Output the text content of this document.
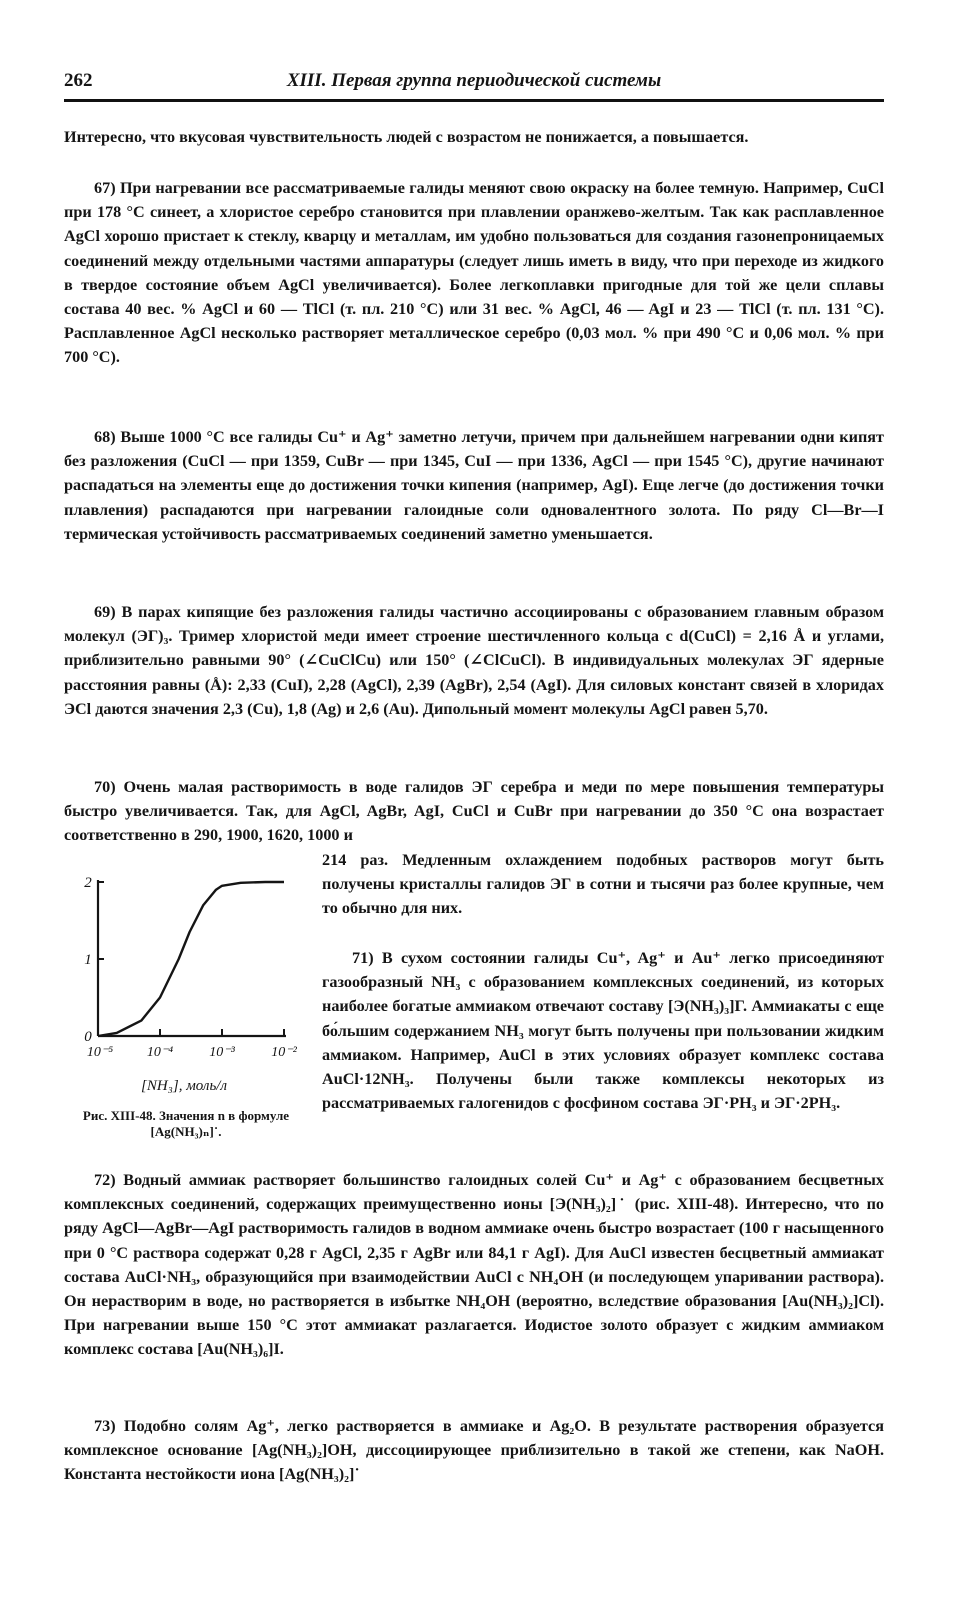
262	XIII. Первая группа периодической системы

Интересно, что вкусовая чувствительность людей с возрастом не понижается, а повышается.

67) При нагревании все рассматриваемые галиды меняют свою окраску на более темную. Например, CuCl при 178 °С синеет, а хлористое серебро становится при плавлении оранжево-желтым. Так как расплавленное AgCl хорошо пристает к стеклу, кварцу и металлам, им удобно пользоваться для создания газонепроницаемых соединений между отдельными частями аппаратуры (следует лишь иметь в виду, что при переходе из жидкого в твердое состояние объем AgCl увеличивается). Более легкоплавки пригодные для той же цели сплавы состава 40 вес. % AgCl и 60 — TlCl (т. пл. 210 °С) или 31 вес. % AgCl, 46 — AgI и 23 — TlCl (т. пл. 131 °С). Расплавленное AgCl несколько растворяет металлическое серебро (0,03 мол. % при 490 °С и 0,06 мол. % при 700 °С).

68) Выше 1000 °С все галиды Cu⁺ и Ag⁺ заметно летучи, причем при дальнейшем нагревании одни кипят без разложения (CuCl — при 1359, CuBr — при 1345, CuI — при 1336, AgCl — при 1545 °С), другие начинают распадаться на элементы еще до достижения точки кипения (например, AgI). Еще легче (до достижения точки плавления) распадаются при нагревании галоидные соли одновалентного золота. По ряду Cl—Br—I термическая устойчивость рассматриваемых соединений заметно уменьшается.

69) В парах кипящие без разложения галиды частично ассоциированы с образованием главным образом молекул (ЭГ)₃. Тример хлористой меди имеет строение шестичленного кольца с d(CuCl) = 2,16 Å и углами, приблизительно равными 90° (∠CuClCu) или 150° (∠ClCuCl). В индивидуальных молекулах ЭГ ядерные расстояния равны (Å): 2,33 (CuI), 2,28 (AgCl), 2,39 (AgBr), 2,54 (AgI). Для силовых констант связей в хлоридах ЭCl даются значения 2,3 (Cu), 1,8 (Ag) и 2,6 (Au). Дипольный момент молекулы AgCl равен 5,70.

70) Очень малая растворимость в воде галидов ЭГ серебра и меди по мере повышения температуры быстро увеличивается. Так, для AgCl, AgBr, AgI, CuCl и CuBr при нагревании до 350 °С она возрастает соответственно в 290, 1900, 1620, 1000 и

214 раз. Медленным охлаждением подобных растворов могут быть получены кристаллы галидов ЭГ в сотни и тысячи раз более крупные, чем то обычно для них.

71) В сухом состоянии галиды Cu⁺, Ag⁺ и Au⁺ легко присоединяют газообразный NH₃ с образованием комплексных соединений, из которых наиболее богатые аммиаком отвечают составу [Э(NH₃)₃]Г. Аммиакаты с еще бо́льшим содержанием NH₃ могут быть получены при пользовании жидким аммиаком. Например, AuCl в этих условиях образует комплекс состава AuCl·12NH₃. Получены были также комплексы некоторых из рассматриваемых галогенидов с фосфином состава ЭГ·PH₃ и ЭГ·2PH₃.

2
1
0
10⁻⁵ 10⁻⁴	10⁻³	10⁻²
[NH₃], моль/л
Рис. XIII-48. Значения n в формуле [Ag(NH₃)ₙ]˙.

72) Водный аммиак растворяет большинство галоидных солей Cu⁺ и Ag⁺ с образованием бесцветных комплексных соединений, содержащих преимущественно ионы [Э(NH₃)₂]˙ (рис. XIII-48). Интересно, что по ряду AgCl—AgBr—AgI растворимость галидов в водном аммиаке очень быстро возрастает (100 г насыщенного при 0 °С раствора содержат 0,28 г AgCl, 2,35 г AgBr или 84,1 г AgI). Для AuCl известен бесцветный аммиакат состава AuCl·NH₃, образующийся при взаимодействии AuCl с NH₄OH (и последующем упаривании раствора). Он нерастворим в воде, но растворяется в избытке NH₄OH (вероятно, вследствие образования [Au(NH₃)₂]Cl). При нагревании выше 150 °С этот аммиакат разлагается. Иодистое золото образует с жидким аммиаком комплекс состава [Au(NH₃)₆]I.

73) Подобно солям Ag⁺, легко растворяется в аммиаке и Ag₂O. В результате растворения образуется комплексное основание [Ag(NH₃)₂]OH, диссоциирующее приблизительно в такой же степени, как NaOH. Константа нестойкости иона [Ag(NH₃)₂]˙
